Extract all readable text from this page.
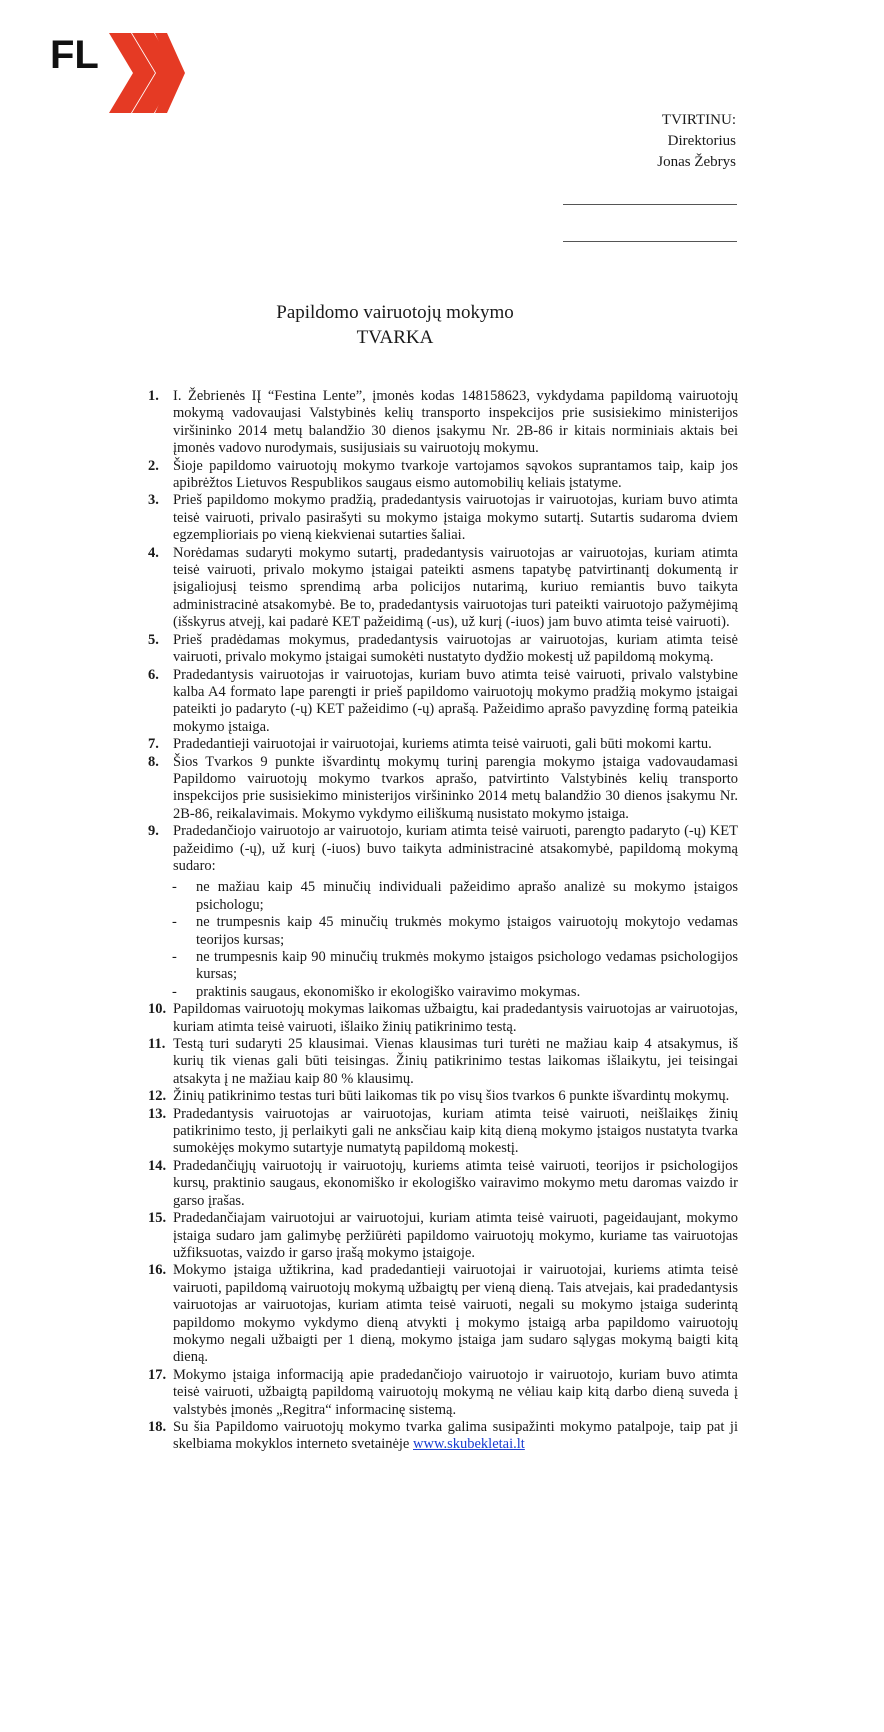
FL
TVIRTINU:
Direktorius
Jonas Žebrys
Papildomo vairuotojų mokymo
TVARKA
1. I. Žebrienės IĮ “Festina Lente”, įmonės kodas 148158623, vykdydama papildomą vairuotojų mokymą vadovaujasi Valstybinės kelių transporto inspekcijos prie susisiekimo ministerijos viršininko 2014 metų balandžio 30 dienos įsakymu Nr. 2B-86 ir kitais norminiais aktais bei įmonės vadovo nurodymais, susijusiais su vairuotojų mokymu.
2. Šioje papildomo vairuotojų mokymo tvarkoje vartojamos sąvokos suprantamos taip, kaip jos apibrėžtos Lietuvos Respublikos saugaus eismo automobilių keliais įstatyme.
3. Prieš papildomo mokymo pradžią, pradedantysis vairuotojas ir vairuotojas, kuriam buvo atimta teisė vairuoti, privalo pasirašyti su mokymo įstaiga mokymo sutartį. Sutartis sudaroma dviem egzemplioriais po vieną kiekvienai sutarties šaliai.
4. Norėdamas sudaryti mokymo sutartį, pradedantysis vairuotojas ar vairuotojas, kuriam atimta teisė vairuoti, privalo mokymo įstaigai pateikti asmens tapatybę patvirtinantį dokumentą ir įsigaliojusį teismo sprendimą arba policijos nutarimą, kuriuo remiantis buvo taikyta administracinė atsakomybė. Be to, pradedantysis vairuotojas turi pateikti vairuotojo pažymėjimą (išskyrus atvejį, kai padarė KET pažeidimą (-us), už kurį (-iuos) jam buvo atimta teisė vairuoti).
5. Prieš pradėdamas mokymus, pradedantysis vairuotojas ar vairuotojas, kuriam atimta teisė vairuoti, privalo mokymo įstaigai sumokėti nustatyto dydžio mokestį už papildomą mokymą.
6. Pradedantysis vairuotojas ir vairuotojas, kuriam buvo atimta teisė vairuoti, privalo valstybine kalba A4 formato lape parengti ir prieš papildomo vairuotojų mokymo pradžią mokymo įstaigai pateikti jo padaryto (-ų) KET pažeidimo (-ų) aprašą. Pažeidimo aprašo pavyzdinę formą pateikia mokymo įstaiga.
7. Pradedantieji vairuotojai ir vairuotojai, kuriems atimta teisė vairuoti, gali būti mokomi kartu.
8. Šios Tvarkos 9 punkte išvardintų mokymų turinį parengia mokymo įstaiga vadovaudamasi Papildomo vairuotojų mokymo tvarkos aprašo, patvirtinto Valstybinės kelių transporto inspekcijos prie susisiekimo ministerijos viršininko 2014 metų balandžio 30 dienos įsakymu Nr. 2B-86, reikalavimais. Mokymo vykdymo eiliškumą nusistato mokymo įstaiga.
9. Pradedančiojo vairuotojo ar vairuotojo, kuriam atimta teisė vairuoti, parengto padaryto (-ų) KET pažeidimo (-ų), už kurį (-iuos) buvo taikyta administracinė atsakomybė, papildomą mokymą sudaro:
- ne mažiau kaip 45 minučių individuali pažeidimo aprašo analizė su mokymo įstaigos psichologu;
- ne trumpesnis kaip 45 minučių trukmės mokymo įstaigos vairuotojų mokytojo vedamas teorijos kursas;
- ne trumpesnis kaip 90 minučių trukmės mokymo įstaigos psichologo vedamas psichologijos kursas;
- praktinis saugaus, ekonomiško ir ekologiško vairavimo mokymas.
10. Papildomas vairuotojų mokymas laikomas užbaigtu, kai pradedantysis vairuotojas ar vairuotojas, kuriam atimta teisė vairuoti, išlaiko žinių patikrinimo testą.
11. Testą turi sudaryti 25 klausimai. Vienas klausimas turi turėti ne mažiau kaip 4 atsakymus, iš kurių tik vienas gali būti teisingas. Žinių patikrinimo testas laikomas išlaikytu, jei teisingai atsakyta į ne mažiau kaip 80 % klausimų.
12. Žinių patikrinimo testas turi būti laikomas tik po visų šios tvarkos 6 punkte išvardintų mokymų.
13. Pradedantysis vairuotojas ar vairuotojas, kuriam atimta teisė vairuoti, neišlaikęs žinių patikrinimo testo, jį perlaikyti gali ne anksčiau kaip kitą dieną mokymo įstaigos nustatyta tvarka sumokėjęs mokymo sutartyje numatytą papildomą mokestį.
14. Pradedančiųjų vairuotojų ir vairuotojų, kuriems atimta teisė vairuoti, teorijos ir psichologijos kursų, praktinio saugaus, ekonomiško ir ekologiško vairavimo mokymo metu daromas vaizdo ir garso įrašas.
15. Pradedančiajam vairuotojui ar vairuotojui, kuriam atimta teisė vairuoti, pageidaujant, mokymo įstaiga sudaro jam galimybę peržiūrėti papildomo vairuotojų mokymo, kuriame tas vairuotojas užfiksuotas, vaizdo ir garso įrašą mokymo įstaigoje.
16. Mokymo įstaiga užtikrina, kad pradedantieji vairuotojai ir vairuotojai, kuriems atimta teisė vairuoti, papildomą vairuotojų mokymą užbaigtų per vieną dieną. Tais atvejais, kai pradedantysis vairuotojas ar vairuotojas, kuriam atimta teisė vairuoti, negali su mokymo įstaiga suderintą papildomo mokymo vykdymo dieną atvykti į mokymo įstaigą arba papildomo vairuotojų mokymo negali užbaigti per 1 dieną, mokymo įstaiga jam sudaro sąlygas mokymą baigti kitą dieną.
17. Mokymo įstaiga informaciją apie pradedančiojo vairuotojo ir vairuotojo, kuriam buvo atimta teisė vairuoti, užbaigtą papildomą vairuotojų mokymą ne vėliau kaip kitą darbo dieną suveda į valstybės įmonės „Regitra“ informacinę sistemą.
18. Su šia Papildomo vairuotojų mokymo tvarka galima susipažinti mokymo patalpoje, taip pat ji skelbiama mokyklos interneto svetainėje www.skubekletai.lt
